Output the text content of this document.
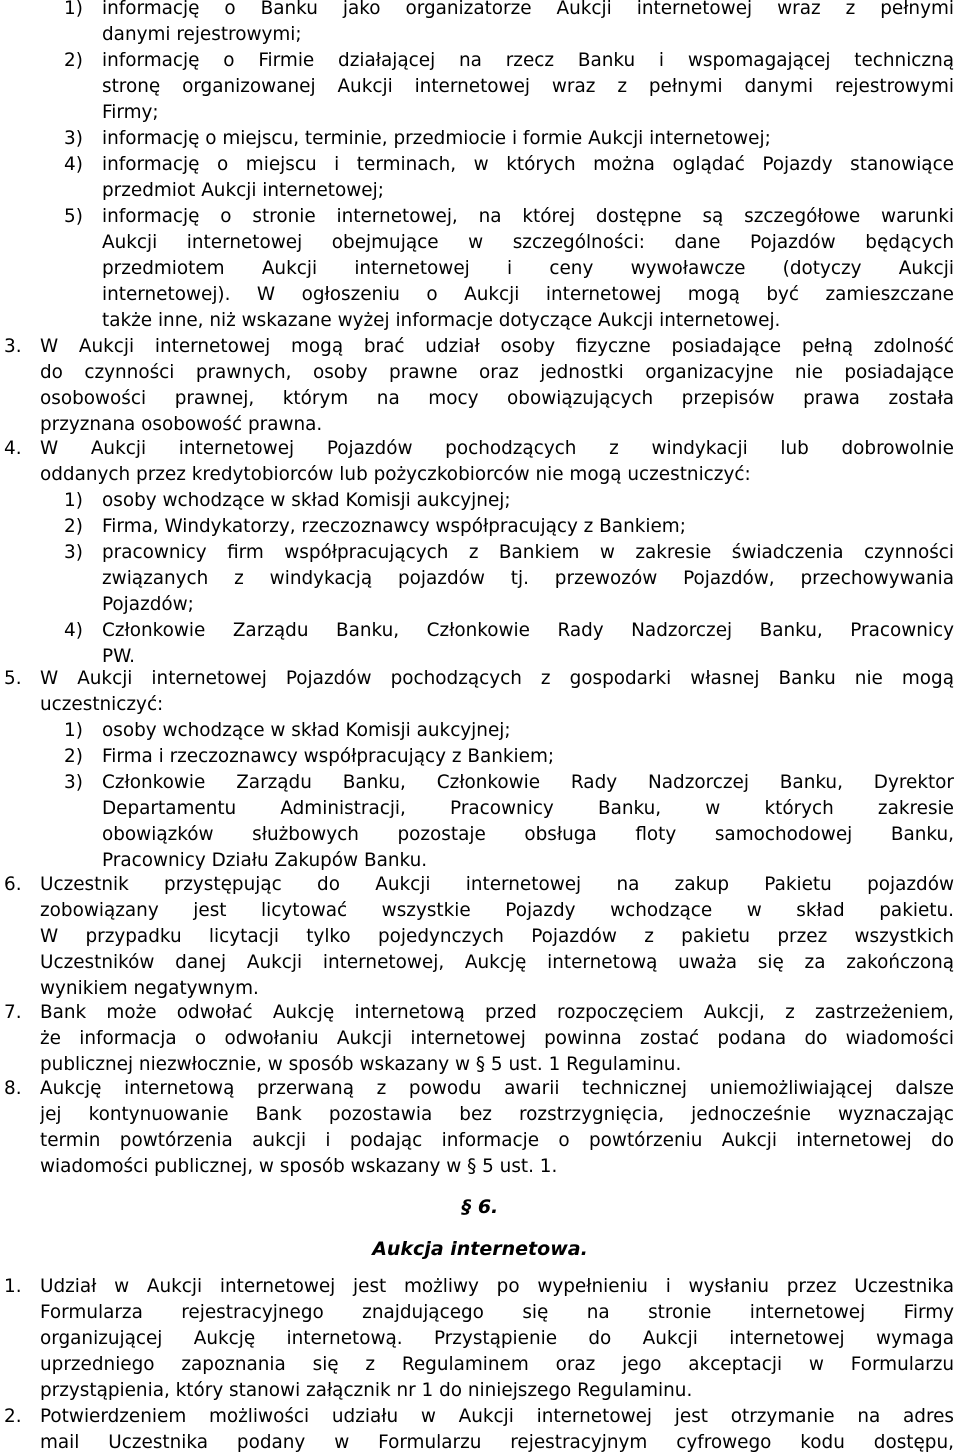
1) informację o Banku jako organizatorze Aukcji internetowej wraz z pełnymi
danymi rejestrowymi;
2) informację o Firmie działającej na rzecz Banku i wspomagającej techniczną
stronę organizowanej Aukcji internetowej wraz z pełnymi danymi rejestrowymi
Firmy;
3) informację o miejscu, terminie, przedmiocie i formie Aukcji internetowej;
4) informację o miejscu i terminach, w których można oglądać Pojazdy stanowiące
przedmiot Aukcji internetowej;
5) informację o stronie internetowej, na której dostępne są szczegółowe warunki
Aukcji internetowej obejmujące w szczególności: dane Pojazdów będących
przedmiotem Aukcji internetowej i ceny wywoławcze (dotyczy Aukcji
internetowej). W ogłoszeniu o Aukcji internetowej mogą być zamieszczane
także inne, niż wskazane wyżej informacje dotyczące Aukcji internetowej.
3. W Aukcji internetowej mogą brać udział osoby fizyczne posiadające pełną zdolność
do czynności prawnych, osoby prawne oraz jednostki organizacyjne nie posiadające
osobowości prawnej, którym na mocy obowiązujących przepisów prawa została
przyznana osobowość prawna.
4. W Aukcji internetowej Pojazdów pochodzących z windykacji lub dobrowolnie
oddanych przez kredytobiorców lub pożyczkobiorców nie mogą uczestniczyć:
1) osoby wchodzące w skład Komisji aukcyjnej;
2) Firma, Windykatorzy, rzeczoznawcy współpracujący z Bankiem;
3) pracownicy firm współpracujących z Bankiem w zakresie świadczenia czynności
związanych z windykacją pojazdów tj. przewozów Pojazdów, przechowywania
Pojazdów;
4) Członkowie Zarządu Banku, Członkowie Rady Nadzorczej Banku, Pracownicy
PW.
5. W Aukcji internetowej Pojazdów pochodzących z gospodarki własnej Banku nie mogą
uczestniczyć:
1) osoby wchodzące w skład Komisji aukcyjnej;
2) Firma i rzeczoznawcy współpracujący z Bankiem;
3) Członkowie Zarządu Banku, Członkowie Rady Nadzorczej Banku, Dyrektor
Departamentu Administracji, Pracownicy Banku, w których zakresie
obowiązków służbowych pozostaje obsługa floty samochodowej Banku,
Pracownicy Działu Zakupów Banku.
6. Uczestnik przystępując do Aukcji internetowej na zakup Pakietu pojazdów
zobowiązany jest licytować wszystkie Pojazdy wchodzące w skład pakietu.
W przypadku licytacji tylko pojedynczych Pojazdów z pakietu przez wszystkich
Uczestników danej Aukcji internetowej, Aukcję internetową uważa się za zakończoną
wynikiem negatywnym.
7. Bank może odwołać Aukcję internetową przed rozpoczęciem Aukcji, z zastrzeżeniem,
że informacja o odwołaniu Aukcji internetowej powinna zostać podana do wiadomości
publicznej niezwłocznie, w sposób wskazany w § 5 ust. 1 Regulaminu.
8. Aukcję internetową przerwaną z powodu awarii technicznej uniemożliwiającej dalsze
jej kontynuowanie Bank pozostawia bez rozstrzygnięcia, jednocześnie wyznaczając
termin powtórzenia aukcji i podając informacje o powtórzeniu Aukcji internetowej do
wiadomości publicznej, w sposób wskazany w § 5 ust. 1.
§ 6.
Aukcja internetowa.
1. Udział w Aukcji internetowej jest możliwy po wypełnieniu i wysłaniu przez Uczestnika
Formularza rejestracyjnego znajdującego się na stronie internetowej Firmy
organizującej Aukcję internetową. Przystąpienie do Aukcji internetowej wymaga
uprzedniego zapoznania się z Regulaminem oraz jego akceptacji w Formularzu
przystąpienia, który stanowi załącznik nr 1 do niniejszego Regulaminu.
2. Potwierdzeniem możliwości udziału w Aukcji internetowej jest otrzymanie na adres
mail Uczestnika podany w Formularzu rejestracyjnym cyfrowego kodu dostępu,
